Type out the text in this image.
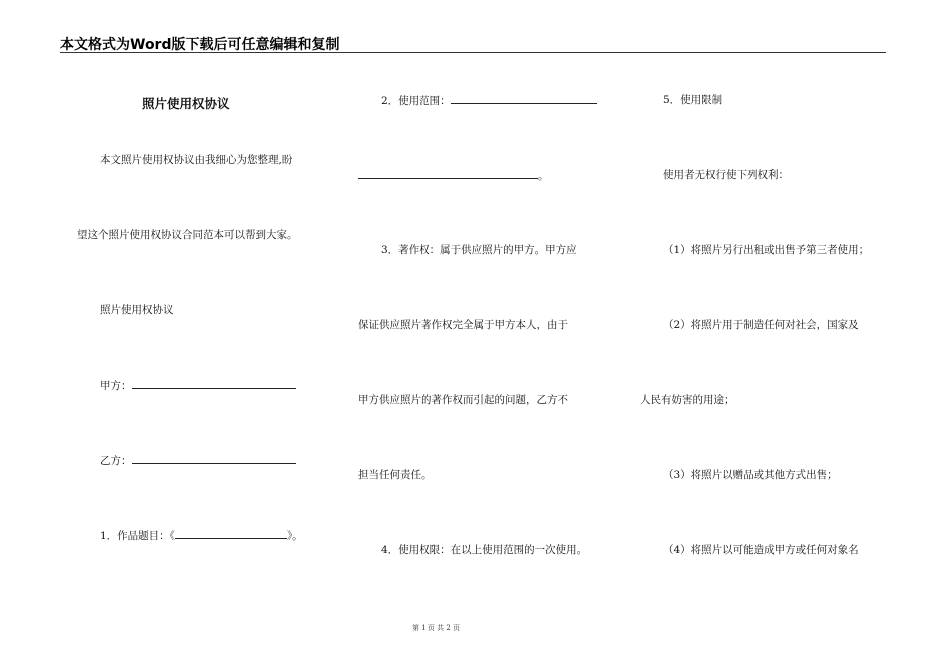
本文格式为Word版下载后可任意编辑和复制
照片使用权协议
本文照片使用权协议由我细心为您整理,盼
望这个照片使用权协议合同范本可以帮到大家。
照片使用权协议
甲方：
乙方：
1．作品题目：《	》。
2．使用范围：
。
3．著作权：属于供应照片的甲方。甲方应
保证供应照片著作权完全属于甲方本人，由于
甲方供应照片的著作权而引起的问题，乙方不
担当任何责任。
4．使用权限：在以上使用范围的一次使用。
5．使用限制
使用者无权行使下列权利：
（1）将照片另行出租或出售予第三者使用；
（2）将照片用于制造任何对社会，国家及
人民有妨害的用途；
（3）将照片以赠品或其他方式出售；
（4）将照片以可能造成甲方或任何对象名
第 1 页 共 2 页
